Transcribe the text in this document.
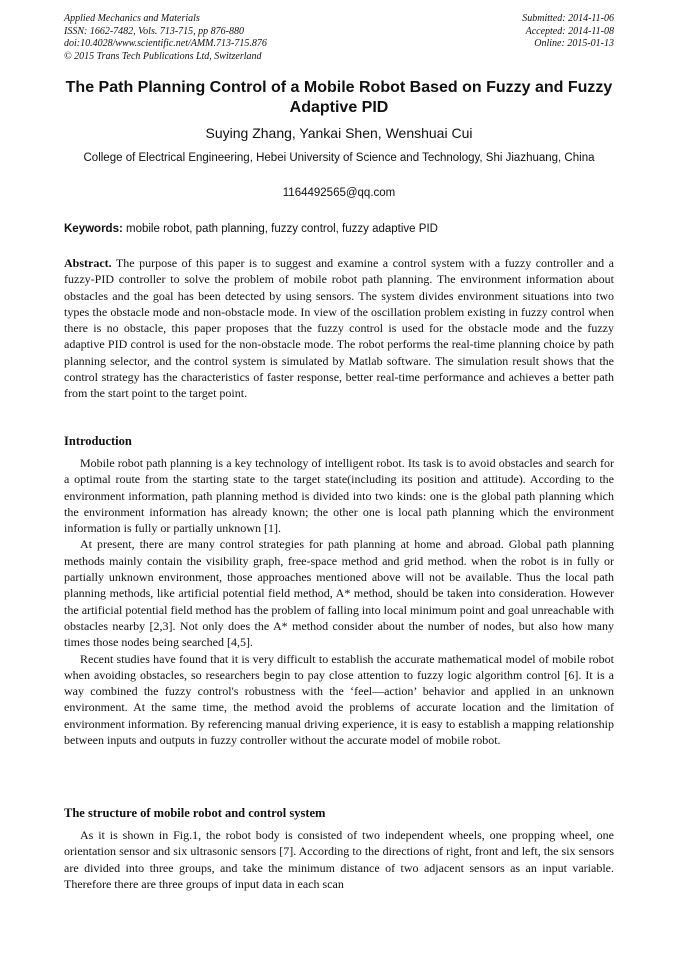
Applied Mechanics and Materials
ISSN: 1662-7482, Vols. 713-715, pp 876-880
doi:10.4028/www.scientific.net/AMM.713-715.876
© 2015 Trans Tech Publications Ltd, Switzerland
Submitted: 2014-11-06
Accepted: 2014-11-08
Online: 2015-01-13
The Path Planning Control of a Mobile Robot Based on Fuzzy and Fuzzy Adaptive PID
Suying Zhang, Yankai Shen, Wenshuai Cui
College of Electrical Engineering, Hebei University of Science and Technology, Shi Jiazhuang, China
1164492565@qq.com
Keywords: mobile robot, path planning, fuzzy control, fuzzy adaptive PID
Abstract. The purpose of this paper is to suggest and examine a control system with a fuzzy controller and a fuzzy-PID controller to solve the problem of mobile robot path planning. The environment information about obstacles and the goal has been detected by using sensors. The system divides environment situations into two types the obstacle mode and non-obstacle mode. In view of the oscillation problem existing in fuzzy control when there is no obstacle, this paper proposes that the fuzzy control is used for the obstacle mode and the fuzzy adaptive PID control is used for the non-obstacle mode. The robot performs the real-time planning choice by path planning selector, and the control system is simulated by Matlab software. The simulation result shows that the control strategy has the characteristics of faster response, better real-time performance and achieves a better path from the start point to the target point.
Introduction

Mobile robot path planning is a key technology of intelligent robot. Its task is to avoid obstacles and search for a optimal route from the starting state to the target state(including its position and attitude). According to the environment information, path planning method is divided into two kinds: one is the global path planning which the environment information has already known; the other one is local path planning which the environment information is fully or partially unknown [1].

At present, there are many control strategies for path planning at home and abroad. Global path planning methods mainly contain the visibility graph, free-space method and grid method. when the robot is in fully or partially unknown environment, those approaches mentioned above will not be available. Thus the local path planning methods, like artificial potential field method, A* method, should be taken into consideration. However the artificial potential field method has the problem of falling into local minimum point and goal unreachable with obstacles nearby [2,3]. Not only does the A* method consider about the number of nodes, but also how many times those nodes being searched [4,5].

Recent studies have found that it is very difficult to establish the accurate mathematical model of mobile robot when avoiding obstacles, so researchers begin to pay close attention to fuzzy logic algorithm control [6]. It is a way combined the fuzzy control's robustness with the ‘feel—action’ behavior and applied in an unknown environment. At the same time, the method avoid the problems of accurate location and the limitation of environment information. By referencing manual driving experience, it is easy to establish a mapping relationship between inputs and outputs in fuzzy controller without the accurate model of mobile robot.

The structure of mobile robot and control system

As it is shown in Fig.1, the robot body is consisted of two independent wheels, one propping wheel, one orientation sensor and six ultrasonic sensors [7]. According to the directions of right, front and left, the six sensors are divided into three groups, and take the minimum distance of two adjacent sensors as an input variable. Therefore there are three groups of input data in each scan
